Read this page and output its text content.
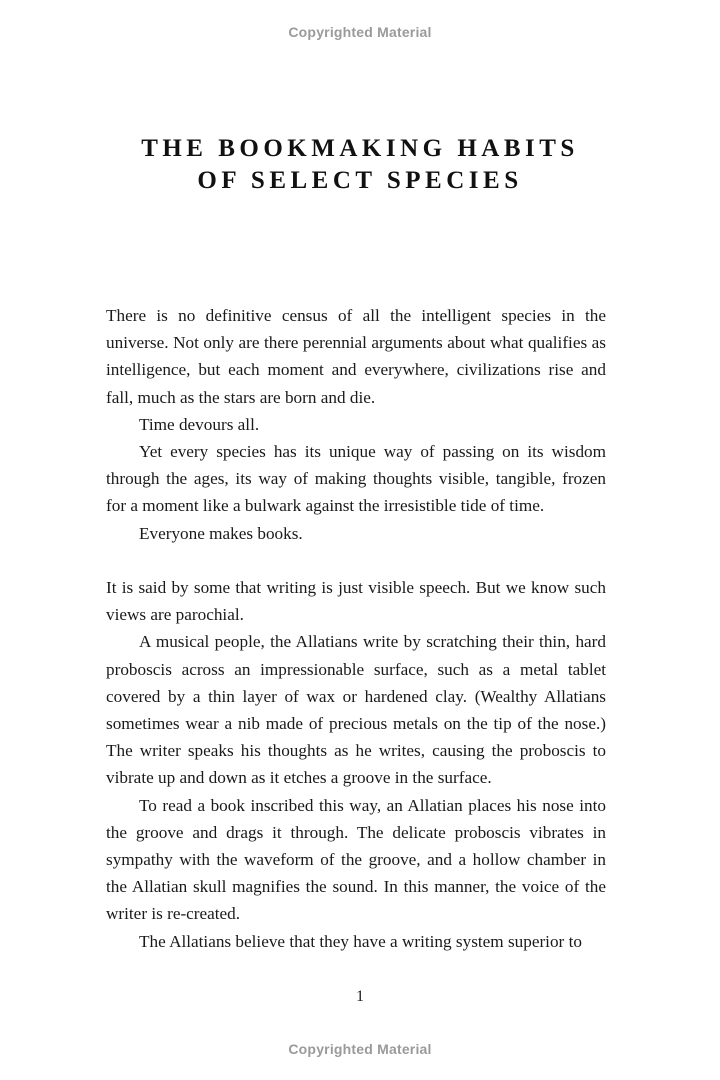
Copyrighted Material
THE BOOKMAKING HABITS
OF SELECT SPECIES

There is no definitive census of all the intelligent species in the universe. Not only are there perennial arguments about what qualifies as intelligence, but each moment and everywhere, civilizations rise and fall, much as the stars are born and die.

Time devours all.

Yet every species has its unique way of passing on its wisdom through the ages, its way of making thoughts visible, tangible, frozen for a moment like a bulwark against the irresistible tide of time.

Everyone makes books.

It is said by some that writing is just visible speech. But we know such views are parochial.

A musical people, the Allatians write by scratching their thin, hard proboscis across an impressionable surface, such as a metal tablet covered by a thin layer of wax or hardened clay. (Wealthy Allatians sometimes wear a nib made of precious metals on the tip of the nose.) The writer speaks his thoughts as he writes, causing the proboscis to vibrate up and down as it etches a groove in the surface.

To read a book inscribed this way, an Allatian places his nose into the groove and drags it through. The delicate proboscis vibrates in sympathy with the waveform of the groove, and a hollow chamber in the Allatian skull magnifies the sound. In this manner, the voice of the writer is re-created.

The Allatians believe that they have a writing system superior to

1
Copyrighted Material
